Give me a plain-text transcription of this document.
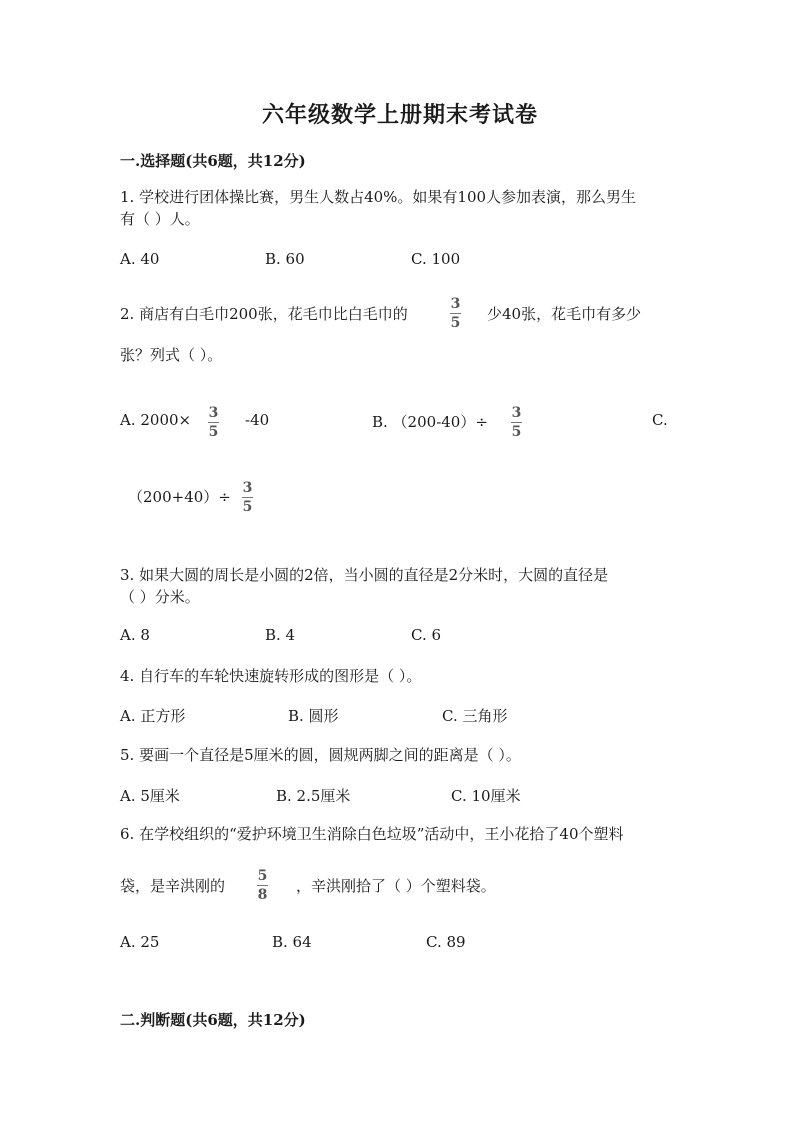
六年级数学上册期末考试卷
一.选择题(共6题，共12分)
1. 学校进行团体操比赛，男生人数占40%。如果有100人参加表演，那么男生
有（ ）人。
A. 40	B. 60	C. 100
2. 商店有白毛巾200张，花毛巾比白毛巾的
3
5 少40张，花毛巾有多少
张？列式（ ）。
A. 2000× 3
5
-40	B. （200-40）÷ 3
5
C.
（200+40）÷ 3
5
3. 如果大圆的周长是小圆的2倍，当小圆的直径是2分米时，大圆的直径是
（ ）分米。
A. 8	B. 4	C. 6
4. 自行车的车轮快速旋转形成的图形是（ ）。
A. 正方形	B. 圆形	C. 三角形
5. 要画一个直径是5厘米的圆，圆规两脚之间的距离是（ ）。
A. 5厘米	B. 2.5厘米	C. 10厘米
6. 在学校组织的“爱护环境卫生消除白色垃圾”活动中，王小花拾了40个塑料
袋，是辛洪刚的
5
8 ，辛洪刚拾了（ ）个塑料袋。
A. 25	B. 64	C. 89
二.判断题(共6题，共12分)
